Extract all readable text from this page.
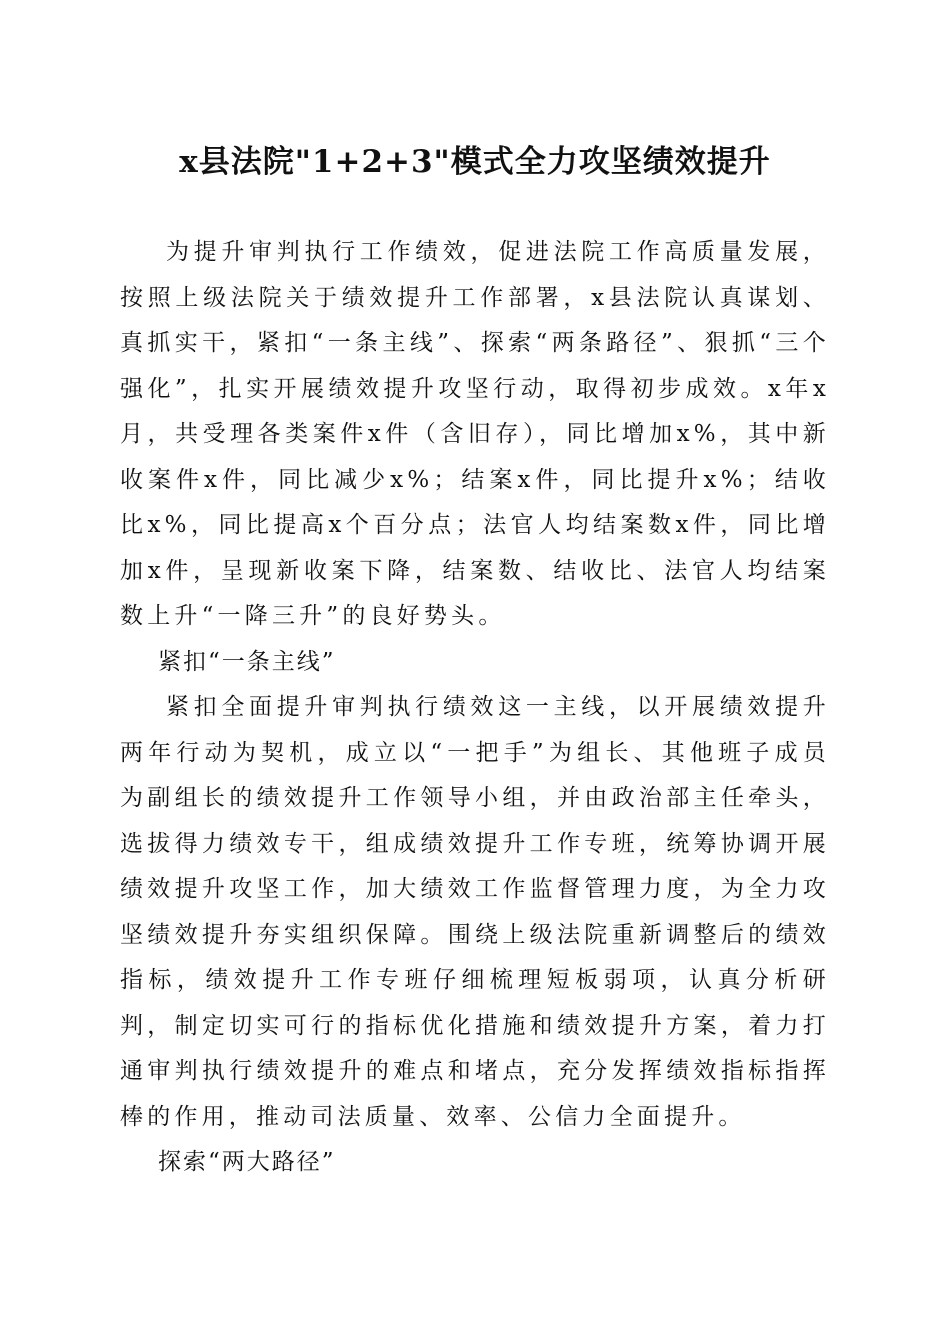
x县法院"1+2+3"模式全力攻坚绩效提升

为提升审判执行工作绩效，促进法院工作高质量发展，按照上级法院关于绩效提升工作部署，x县法院认真谋划、真抓实干，紧扣“一条主线”、探索“两条路径”、狠抓“三个强化”，扎实开展绩效提升攻坚行动，取得初步成效。x年x月，共受理各类案件x件（含旧存），同比增加x%，其中新收案件x件，同比减少x%；结案x件，同比提升x%；结收比x%，同比提高x个百分点；法官人均结案数x件，同比增加x件，呈现新收案下降，结案数、结收比、法官人均结案数上升“一降三升”的良好势头。

紧扣“一条主线”

紧扣全面提升审判执行绩效这一主线，以开展绩效提升两年行动为契机，成立以“一把手”为组长、其他班子成员为副组长的绩效提升工作领导小组，并由政治部主任牵头，选拔得力绩效专干，组成绩效提升工作专班，统筹协调开展绩效提升攻坚工作，加大绩效工作监督管理力度，为全力攻坚绩效提升夯实组织保障。围绕上级法院重新调整后的绩效指标，绩效提升工作专班仔细梳理短板弱项，认真分析研判，制定切实可行的指标优化措施和绩效提升方案，着力打通审判执行绩效提升的难点和堵点，充分发挥绩效指标指挥棒的作用，推动司法质量、效率、公信力全面提升。

探索“两大路径”
